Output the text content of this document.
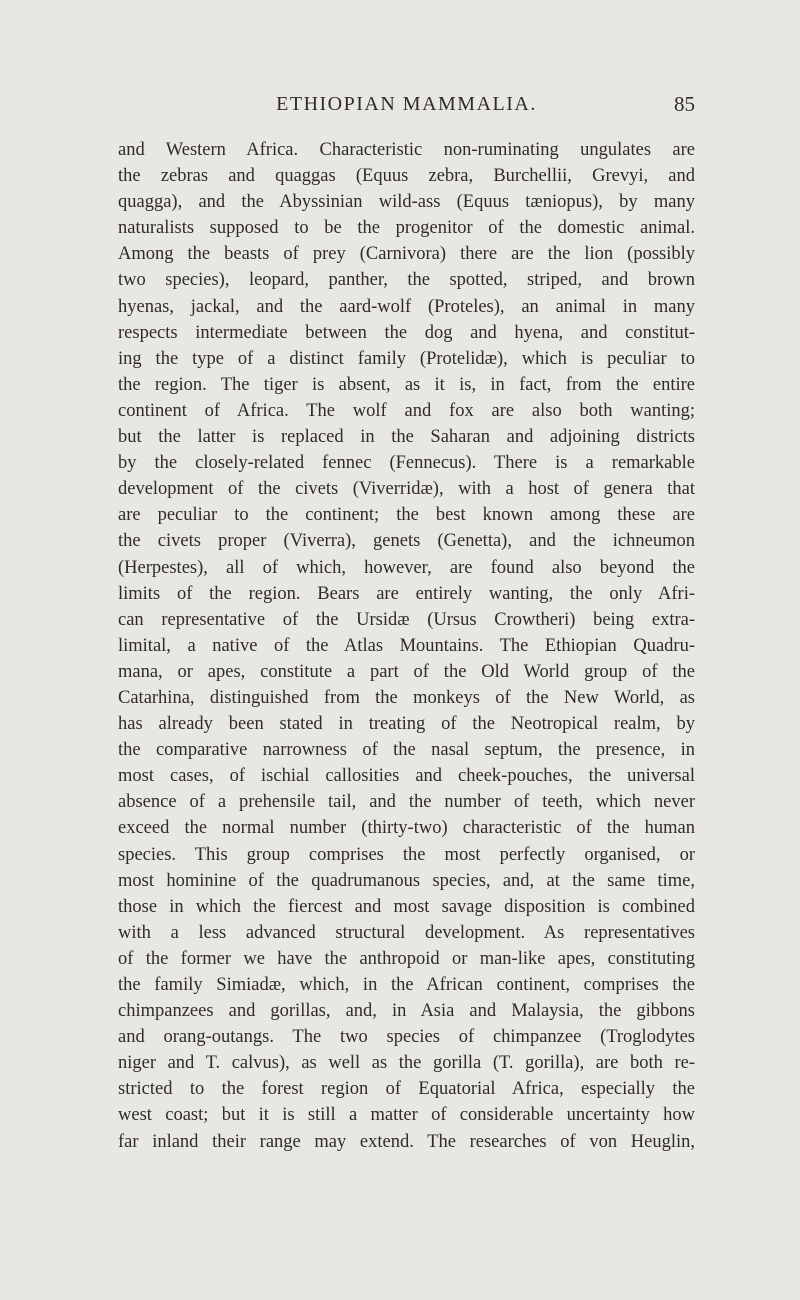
ETHIOPIAN MAMMALIA.	85
and Western Africa. Characteristic non-ruminating ungulates are
the zebras and quaggas (Equus zebra, Burchellii, Grevyi, and
quagga), and the Abyssinian wild-ass (Equus tæniopus), by many
naturalists supposed to be the progenitor of the domestic animal.
Among the beasts of prey (Carnivora) there are the lion (possibly
two species), leopard, panther, the spotted, striped, and brown
hyenas, jackal, and the aard-wolf (Proteles), an animal in many
respects intermediate between the dog and hyena, and constitut-
ing the type of a distinct family (Protelidæ), which is peculiar to
the region. The tiger is absent, as it is, in fact, from the entire
continent of Africa. The wolf and fox are also both wanting;
but the latter is replaced in the Saharan and adjoining districts
by the closely-related fennec (Fennecus). There is a remarkable
development of the civets (Viverridæ), with a host of genera that
are peculiar to the continent; the best known among these are
the civets proper (Viverra), genets (Genetta), and the ichneumon
(Herpestes), all of which, however, are found also beyond the
limits of the region. Bears are entirely wanting, the only Afri-
can representative of the Ursidæ (Ursus Crowtheri) being extra-
limital, a native of the Atlas Mountains. The Ethiopian Quadru-
mana, or apes, constitute a part of the Old World group of the
Catarhina, distinguished from the monkeys of the New World, as
has already been stated in treating of the Neotropical realm, by
the comparative narrowness of the nasal septum, the presence, in
most cases, of ischial callosities and cheek-pouches, the universal
absence of a prehensile tail, and the number of teeth, which never
exceed the normal number (thirty-two) characteristic of the human
species. This group comprises the most perfectly organised, or
most hominine of the quadrumanous species, and, at the same time,
those in which the fiercest and most savage disposition is combined
with a less advanced structural development. As representatives
of the former we have the anthropoid or man-like apes, constituting
the family Simiadæ, which, in the African continent, comprises the
chimpanzees and gorillas, and, in Asia and Malaysia, the gibbons
and orang-outangs. The two species of chimpanzee (Troglodytes
niger and T. calvus), as well as the gorilla (T. gorilla), are both re-
stricted to the forest region of Equatorial Africa, especially the
west coast; but it is still a matter of considerable uncertainty how
far inland their range may extend. The researches of von Heuglin,
